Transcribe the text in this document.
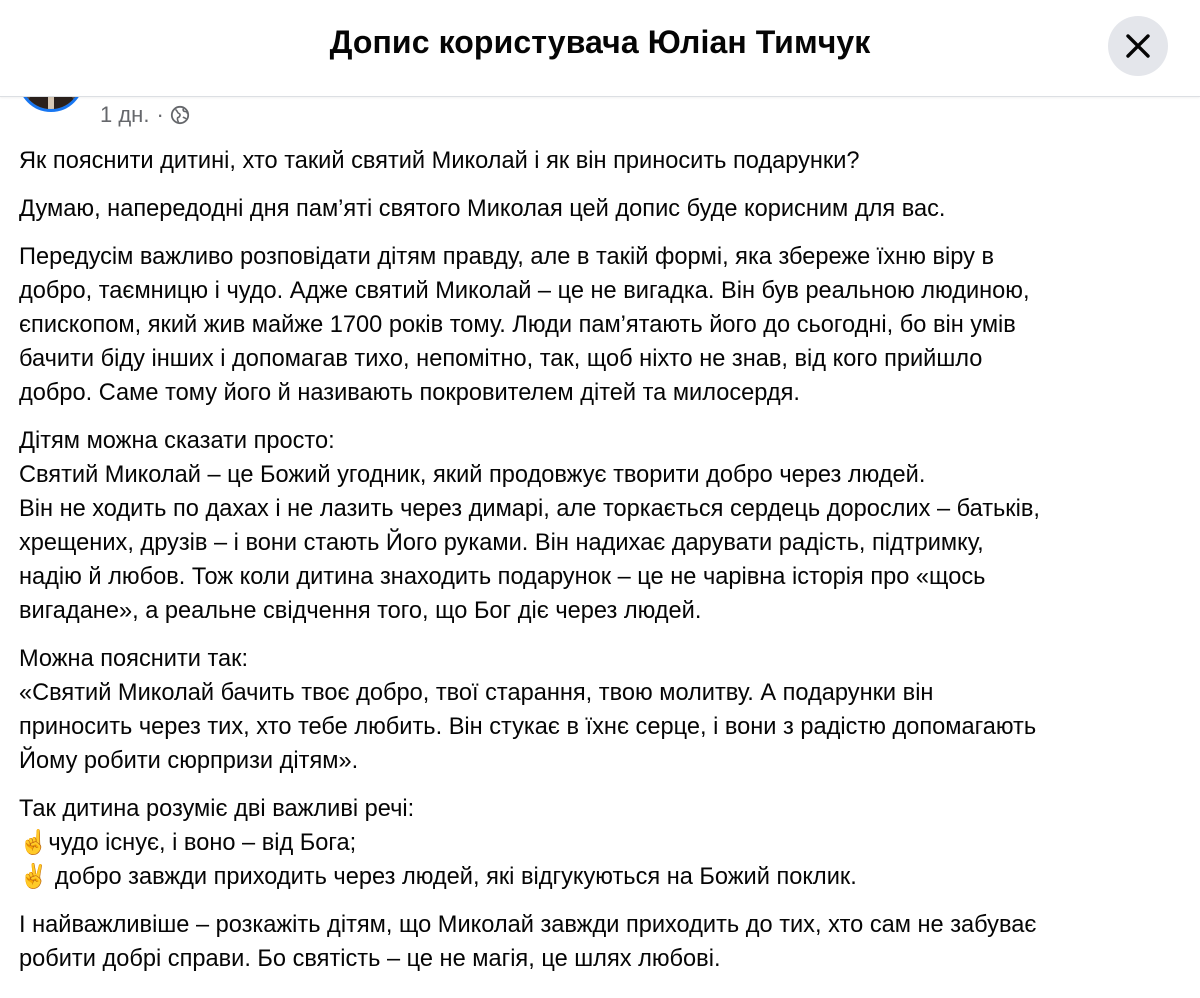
Допис користувача Юліан Тимчук
1 дн. ·

Як пояснити дитині, хто такий святий Миколай і як він приносить подарунки?

Думаю, напередодні дня пам’яті святого Миколая цей допис буде корисним для вас.

Передусім важливо розповідати дітям правду, але в такій формі, яка збереже їхню віру в
добро, таємницю і чудо. Адже святий Миколай – це не вигадка. Він був реальною людиною,
єпископом, який жив майже 1700 років тому. Люди пам’ятають його до сьогодні, бо він умів
бачити біду інших і допомагав тихо, непомітно, так, щоб ніхто не знав, від кого прийшло
добро. Саме тому його й називають покровителем дітей та милосердя.

Дітям можна сказати просто:
Святий Миколай – це Божий угодник, який продовжує творити добро через людей.
Він не ходить по дахах і не лазить через димарі, але торкається сердець дорослих – батьків,
хрещених, друзів – і вони стають Його руками. Він надихає дарувати радість, підтримку,
надію й любов. Тож коли дитина знаходить подарунок – це не чарівна історія про «щось
вигадане», а реальне свідчення того, що Бог діє через людей.

Можна пояснити так:
«Святий Миколай бачить твоє добро, твої старання, твою молитву. А подарунки він
приносить через тих, хто тебе любить. Він стукає в їхнє серце, і вони з радістю допомагають
Йому робити сюрпризи дітям».

Так дитина розуміє дві важливі речі:
☝️чудо існує, і воно – від Бога;
✌️ добро завжди приходить через людей, які відгукуються на Божий поклик.

І найважливіше – розкажіть дітям, що Миколай завжди приходить до тих, хто сам не забуває
робити добрі справи. Бо святість – це не магія, це шлях любові.
